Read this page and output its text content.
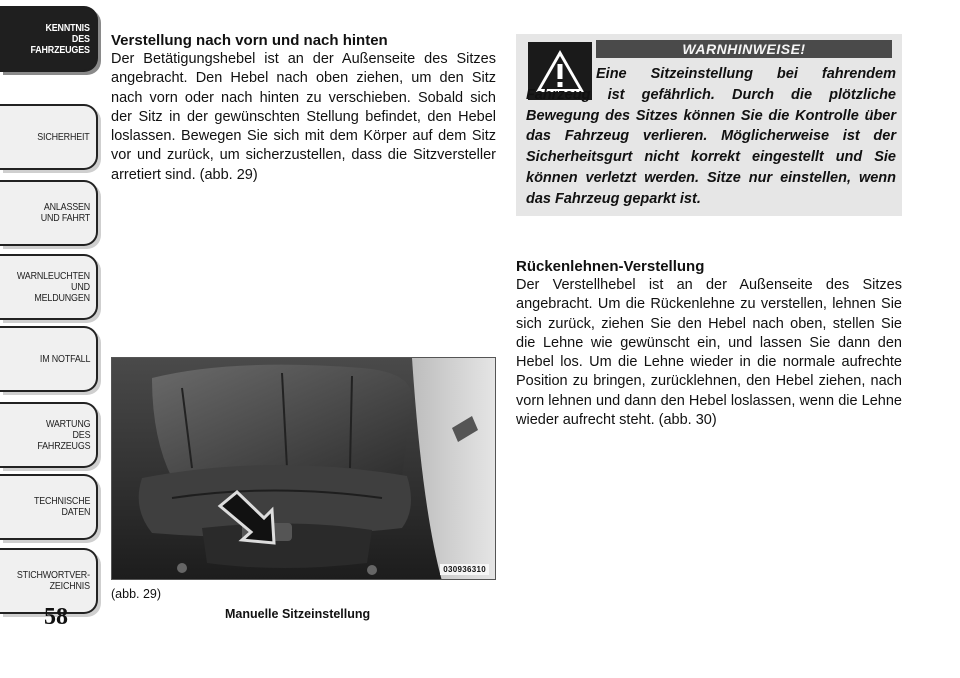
KENNTNIS
DES
FAHRZEUGES
SICHERHEIT
ANLASSEN
UND FAHRT
WARNLEUCHTEN
UND
MELDUNGEN
IM NOTFALL
WARTUNG
DES
FAHRZEUGS
TECHNISCHE
DATEN
STICHWORTVER-
ZEICHNIS
58
Verstellung nach vorn und nach hinten

Der Betätigungshebel ist an der Außenseite des Sitzes angebracht. Den Hebel nach oben ziehen, um den Sitz nach vorn oder nach hinten zu verschieben. Sobald sich der Sitz in der gewünschten Stellung befindet, den Hebel loslassen. Bewegen Sie sich mit dem Körper auf dem Sitz vor und zurück, um sicherzustellen, dass die Sitzversteller arretiert sind. (abb. 29)

030936310
(abb. 29)
Manuelle Sitzeinstellung
WARNHINWEISE!

Eine Sitzeinstellung bei fahrendem Fahrzeug ist gefährlich. Durch die plötzliche Bewegung des Sitzes können Sie die Kontrolle über das Fahrzeug verlieren. Möglicherweise ist der Sicherheitsgurt nicht korrekt eingestellt und Sie können verletzt werden. Sitze nur einstellen, wenn das Fahrzeug geparkt ist.

Rückenlehnen-Verstellung

Der Verstellhebel ist an der Außenseite des Sitzes angebracht. Um die Rückenlehne zu verstellen, lehnen Sie sich zurück, ziehen Sie den Hebel nach oben, stellen Sie die Lehne wie gewünscht ein, und lassen Sie dann den Hebel los. Um die Lehne wieder in die normale aufrechte Position zu bringen, zurücklehnen, den Hebel ziehen, nach vorn lehnen und dann den Hebel loslassen, wenn die Lehne wieder aufrecht steht. (abb. 30)
